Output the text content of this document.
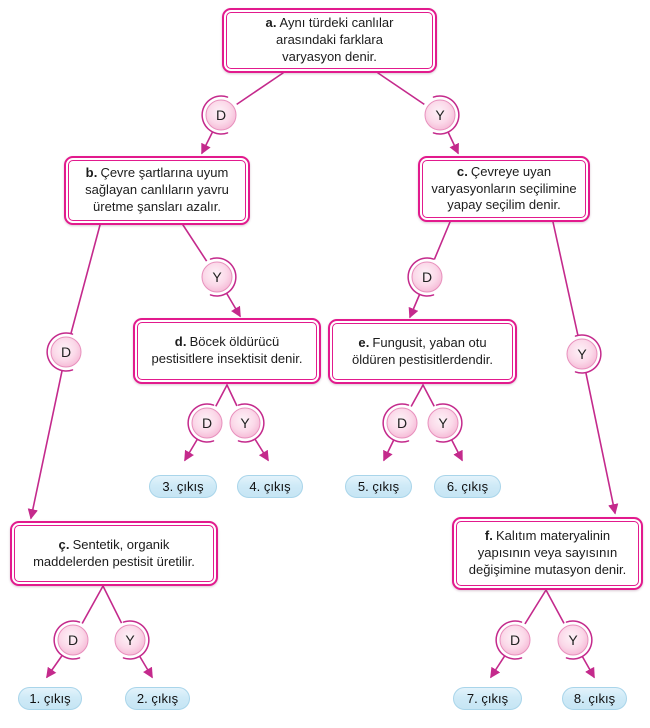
a. Aynı türdeki canlılar arasındaki farklara varyasyon denir.

b. Çevre şartlarına uyum sağlayan canlıların yavru üretme şansları azalır.

c. Çevreye uyan varyasyonların seçilimine yapay seçilim denir.

d. Böcek öldürücü pestisitlere insektisit denir.

e. Fungusit, yaban otu öldüren pestisitlerdendir.

ç. Sentetik, organik maddelerden pestisit üretilir.

f. Kalıtım materyalinin yapısının veya sayısının değişimine mutasyon denir.

D	Y
Y	D
D	Y
D	Y	D	Y
D	Y	D	Y
1. çıkış	2. çıkış
3. çıkış	4. çıkış	5. çıkış	6. çıkış
7. çıkış	8. çıkış
